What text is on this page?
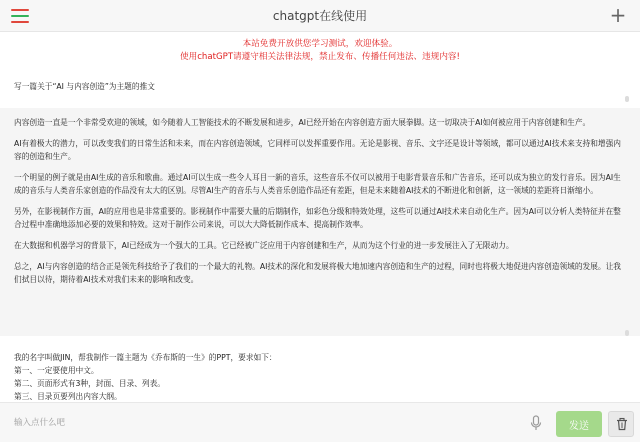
chatgpt在线使用	+
本站免费开放供您学习测试，欢迎体验。
使用chatGPT请遵守相关法律法规，禁止发布、传播任何违法、违规内容!
写一篇关于“AI 与内容创造”为主题的推文

内容创造一直是一个非常受欢迎的领域，如今随着人工智能技术的不断发展和进步，AI已经开始在内容创造方面大展拳脚。这一切取决于AI如何被应用于内容创建和生产。

AI有着极大的潜力，可以改变我们的日常生活和未来，而在内容创造领域，它同样可以发挥重要作用。无论是影视、音乐、文字还是设计等领域，都可以通过AI技术来支持和增强内容的创造和生产。

一个明显的例子就是由AI生成的音乐和歌曲。通过AI可以生成一些令人耳目一新的音乐，这些音乐不仅可以被用于电影背景音乐和广告音乐，还可以成为独立的发行音乐。因为AI生成的音乐与人类音乐家创造的作品没有太大的区别。尽管AI生产的音乐与人类音乐创造作品还有差距，但是未来随着AI技术的不断进化和创新，这一领域的差距将日渐缩小。

另外，在影视制作方面，AI的应用也是非常重要的。影视制作中需要大量的后期制作，如彩色分级和特效处理，这些可以通过AI技术来自动化生产。因为AI可以分析人类特征并在整合过程中准确地添加必要的效果和特效。这对于制作公司来说，可以大大降低制作成本、提高制作效率。

在大数据和机器学习的背景下，AI已经成为一个强大的工具。它已经被广泛应用于内容创建和生产，从而为这个行业的进一步发展注入了无限动力。

总之，AI与内容创造的结合正是领先科技给予了我们的一个最大的礼物。AI技术的深化和发展将极大地加速内容创造和生产的过程，同时也将极大地促进内容创造领域的发展。让我们拭目以待，期待着AI技术对我们未来的影响和改变。

我的名字叫做JIN，帮我制作一篇主题为《乔布斯的一生》的PPT，要求如下：
第一、一定要使用中文。
第二、页面形式有3种，封面、目录、列表。
第三、目录页要列出内容大纲。
输入点什么吧
发送
